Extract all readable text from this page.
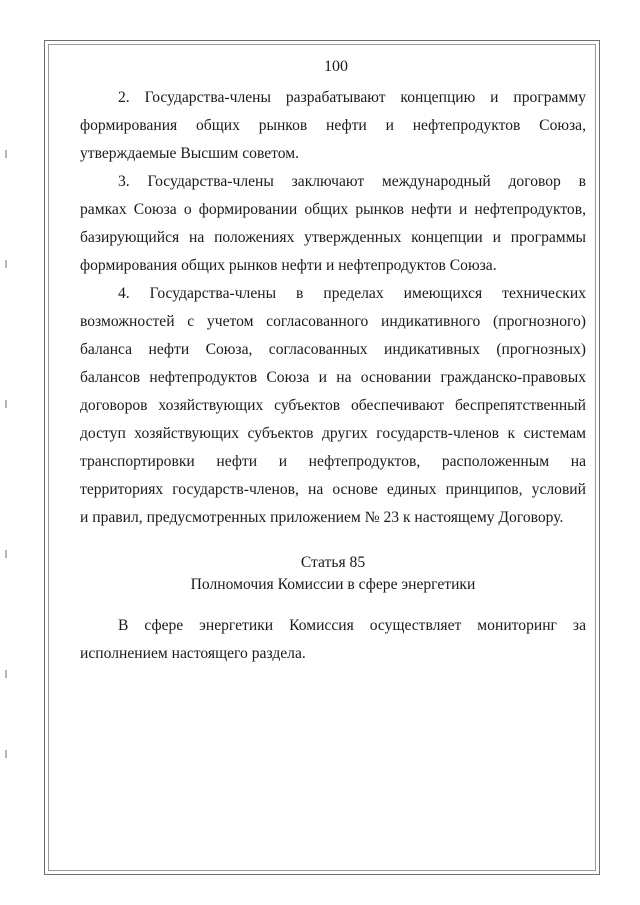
100
2. Государства-члены разрабатывают концепцию и программу
формирования общих рынков нефти и нефтепродуктов Союза,
утверждаемые Высшим советом.
3. Государства-члены заключают международный договор в
рамках Союза о формировании общих рынков нефти и нефтепродуктов,
базирующийся на положениях утвержденных концепции и программы
формирования общих рынков нефти и нефтепродуктов Союза.
4. Государства-члены в пределах имеющихся технических
возможностей с учетом согласованного индикативного (прогнозного)
баланса нефти Союза, согласованных индикативных (прогнозных)
балансов нефтепродуктов Союза и на основании гражданско-правовых
договоров хозяйствующих субъектов обеспечивают беспрепятственный
доступ хозяйствующих субъектов других государств-членов к системам
транспортировки нефти и нефтепродуктов, расположенным на
территориях государств-членов, на основе единых принципов, условий
и правил, предусмотренных приложением № 23 к настоящему Договору.
Статья 85
Полномочия Комиссии в сфере энергетики
В сфере энергетики Комиссия осуществляет мониторинг за
исполнением настоящего раздела.
